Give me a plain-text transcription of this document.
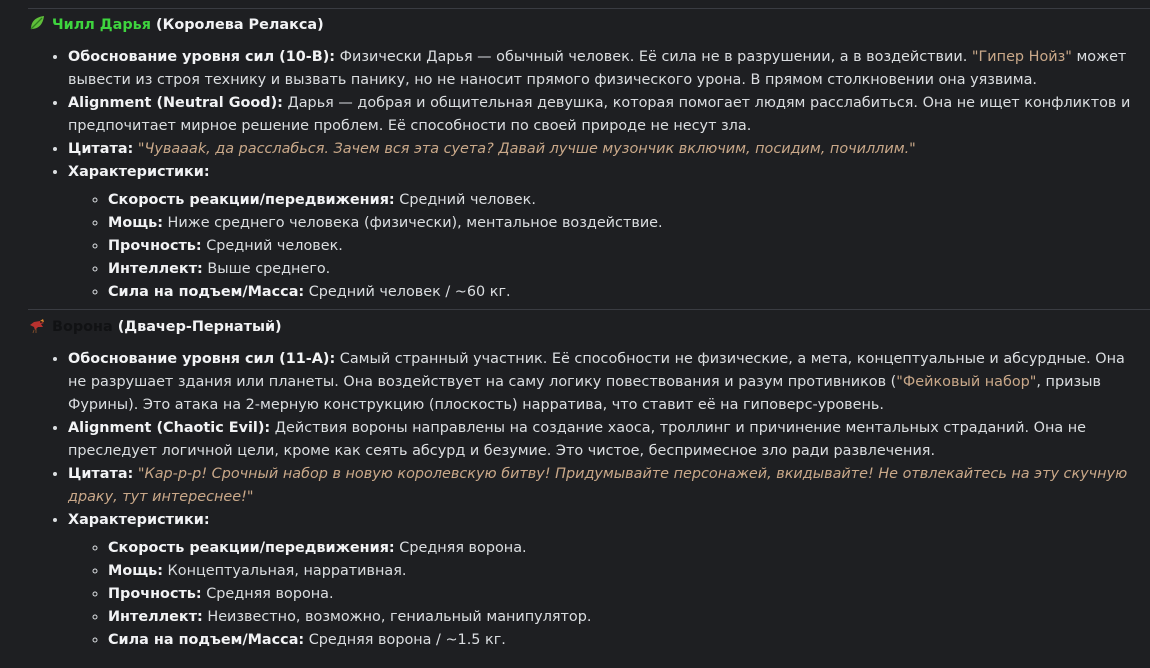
Чилл Дарья (Королева Релакса)
• Обоснование уровня сил (10-B): Физически Дарья — обычный человек. Её сила не в разрушении, а в воздействии. "Гипер Нойз" может вывести из строя технику и вызвать панику, но не наносит прямого физического урона. В прямом столкновении она уязвима.
• Alignment (Neutral Good): Дарья — добрая и общительная девушка, которая помогает людям расслабиться. Она не ищет конфликтов и предпочитает мирное решение проблем. Её способности по своей природе не несут зла.
• Цитата: "Чуваaak, да расслабься. Зачем вся эта суета? Давай лучше музончик включим, посидим, почиллим."
• Характеристики:
◦ Скорость реакции/передвижения: Средний человек.
◦ Мощь: Ниже среднего человека (физически), ментальное воздействие.
◦ Прочность: Средний человек.
◦ Интеллект: Выше среднего.
◦ Сила на подъем/Масса: Средний человек / ~60 кг.
Ворона (Двачер-Пернатый)
• Обоснование уровня сил (11-A): Самый странный участник. Её способности не физические, а мета, концептуальные и абсурдные. Она не разрушает здания или планеты. Она воздействует на саму логику повествования и разум противников ("Фейковый набор", призыв Фурины). Это атака на 2-мерную конструкцию (плоскость) нарратива, что ставит её на гиповерс-уровень.
• Alignment (Chaotic Evil): Действия вороны направлены на создание хаоса, троллинг и причинение ментальных страданий. Она не преследует логичной цели, кроме как сеять абсурд и безумие. Это чистое, беспримесное зло ради развлечения.
• Цитата: "Кар-р-р! Срочный набор в новую королевскую битву! Придумывайте персонажей, вкидывайте! Не отвлекайтесь на эту скучную драку, тут интереснее!"
• Характеристики:
◦ Скорость реакции/передвижения: Средняя ворона.
◦ Мощь: Концептуальная, нарративная.
◦ Прочность: Средняя ворона.
◦ Интеллект: Неизвестно, возможно, гениальный манипулятор.
◦ Сила на подъем/Масса: Средняя ворона / ~1.5 кг.
